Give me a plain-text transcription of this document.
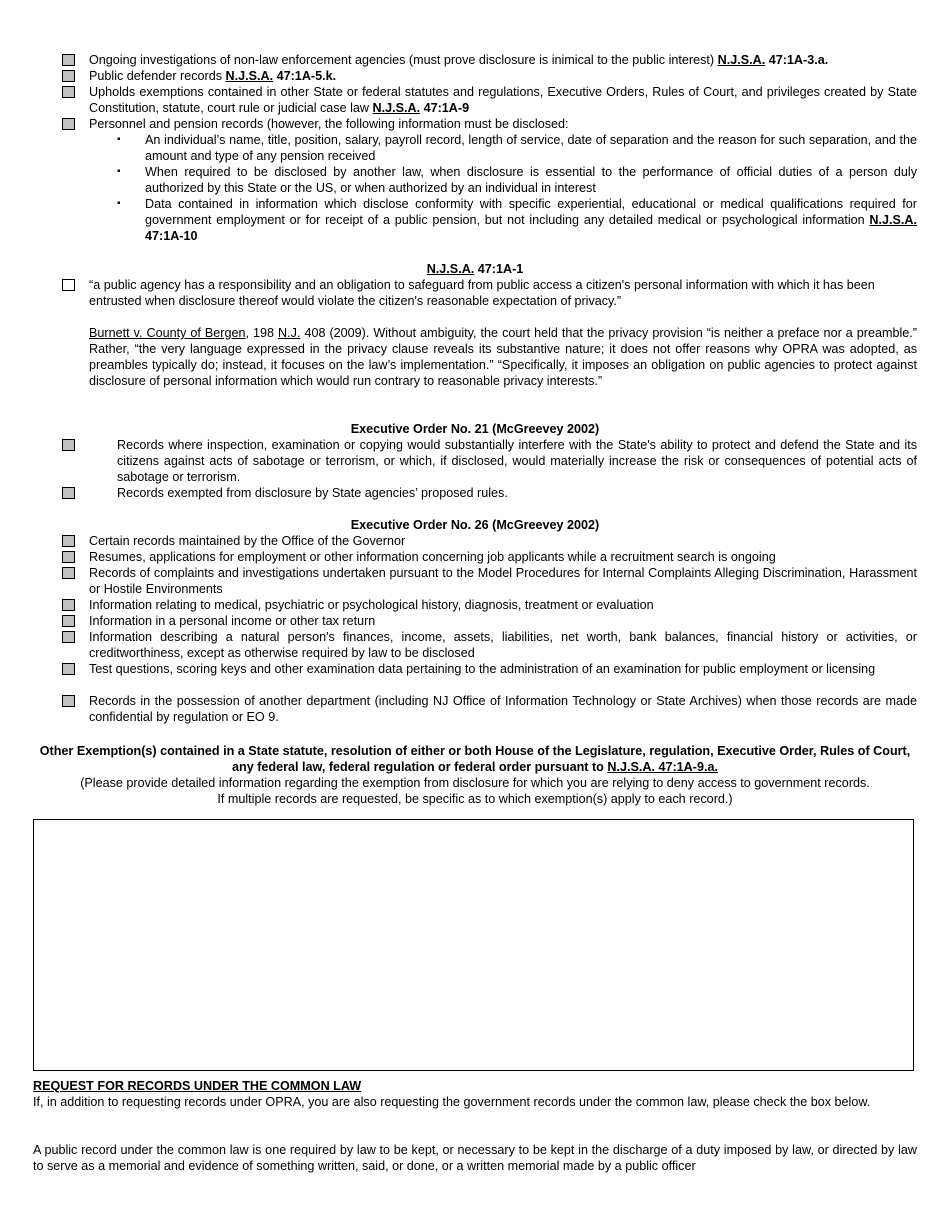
Ongoing investigations of non-law enforcement agencies (must prove disclosure is inimical to the public interest) N.J.S.A. 47:1A-3.a.
Public defender records N.J.S.A. 47:1A-5.k.
Upholds exemptions contained in other State or federal statutes and regulations, Executive Orders, Rules of Court, and privileges created by State Constitution, statute, court rule or judicial case law N.J.S.A. 47:1A-9
Personnel and pension records (however, the following information must be disclosed:
▪	An individual’s name, title, position, salary, payroll record, length of service, date of separation and the reason for such separation, and the amount and type of any pension received
▪	When required to be disclosed by another law, when disclosure is essential to the performance of official duties of a person duly authorized by this State or the US, or when authorized by an individual in interest
▪	Data contained in information which disclose conformity with specific experiential, educational or medical qualifications required for government employment or for receipt of a public pension, but not including any detailed medical or psychological information N.J.S.A. 47:1A-10
N.J.S.A. 47:1A-1
“a public agency has a responsibility and an obligation to safeguard from public access a citizen's personal information with which it has been entrusted when disclosure thereof would violate the citizen's reasonable expectation of privacy.”
Burnett v. County of Bergen, 198 N.J. 408 (2009). Without ambiguity, the court held that the privacy provision “is neither a preface nor a preamble.” Rather, “the very language expressed in the privacy clause reveals its substantive nature; it does not offer reasons why OPRA was adopted, as preambles typically do; instead, it focuses on the law’s implementation.” “Specifically, it imposes an obligation on public agencies to protect against disclosure of personal information which would run contrary to reasonable privacy interests.”
Executive Order No. 21 (McGreevey 2002)
Records where inspection, examination or copying would substantially interfere with the State's ability to protect and defend the State and its citizens against acts of sabotage or terrorism, or which, if disclosed, would materially increase the risk or consequences of potential acts of sabotage or terrorism.
Records exempted from disclosure by State agencies’ proposed rules.
Executive Order No. 26 (McGreevey 2002)
Certain records maintained by the Office of the Governor
Resumes, applications for employment or other information concerning job applicants while a recruitment search is ongoing
Records of complaints and investigations undertaken pursuant to the Model Procedures for Internal Complaints Alleging Discrimination, Harassment or Hostile Environments
Information relating to medical, psychiatric or psychological history, diagnosis, treatment or evaluation
Information in a personal income or other tax return
Information describing a natural person's finances, income, assets, liabilities, net worth, bank balances, financial history or activities, or creditworthiness, except as otherwise required by law to be disclosed
Test questions, scoring keys and other examination data pertaining to the administration of an examination for public employment or licensing
Records in the possession of another department (including NJ Office of Information Technology or State Archives) when those records are made confidential by regulation or EO 9.
Other Exemption(s) contained in a State statute, resolution of either or both House of the Legislature, regulation, Executive Order, Rules of Court, any federal law, federal regulation or federal order pursuant to N.J.S.A. 47:1A-9.a.
(Please provide detailed information regarding the exemption from disclosure for which you are relying to deny access to government records.
If multiple records are requested, be specific as to which exemption(s) apply to each record.)
REQUEST FOR RECORDS UNDER THE COMMON LAW
If, in addition to requesting records under OPRA, you are also requesting the government records under the common law, please check the box below.
A public record under the common law is one required by law to be kept, or necessary to be kept in the discharge of a duty imposed by law, or directed by law to serve as a memorial and evidence of something written, said, or done, or a written memorial made by a public officer
